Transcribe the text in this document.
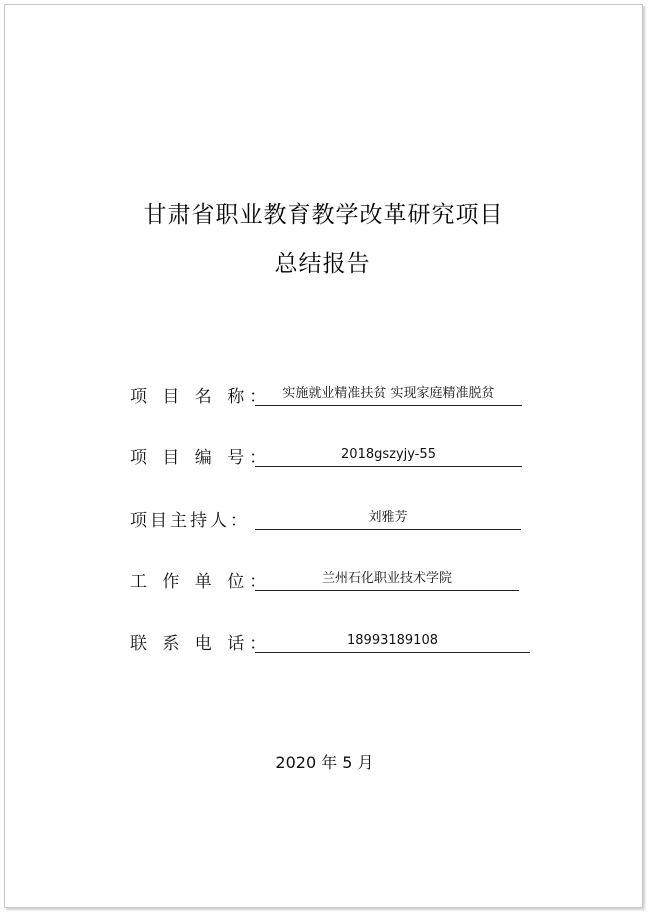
甘肃省职业教育教学改革研究项目
总结报告
项 目 名 称： 实施就业精准扶贫 实现家庭精准脱贫
项 目 编 号：	2018gszyjy-55
项目主持人：	刘雅芳
工 作 单 位：	兰州石化职业技术学院
联 系 电 话：	18993189108
2020 年 5 月
